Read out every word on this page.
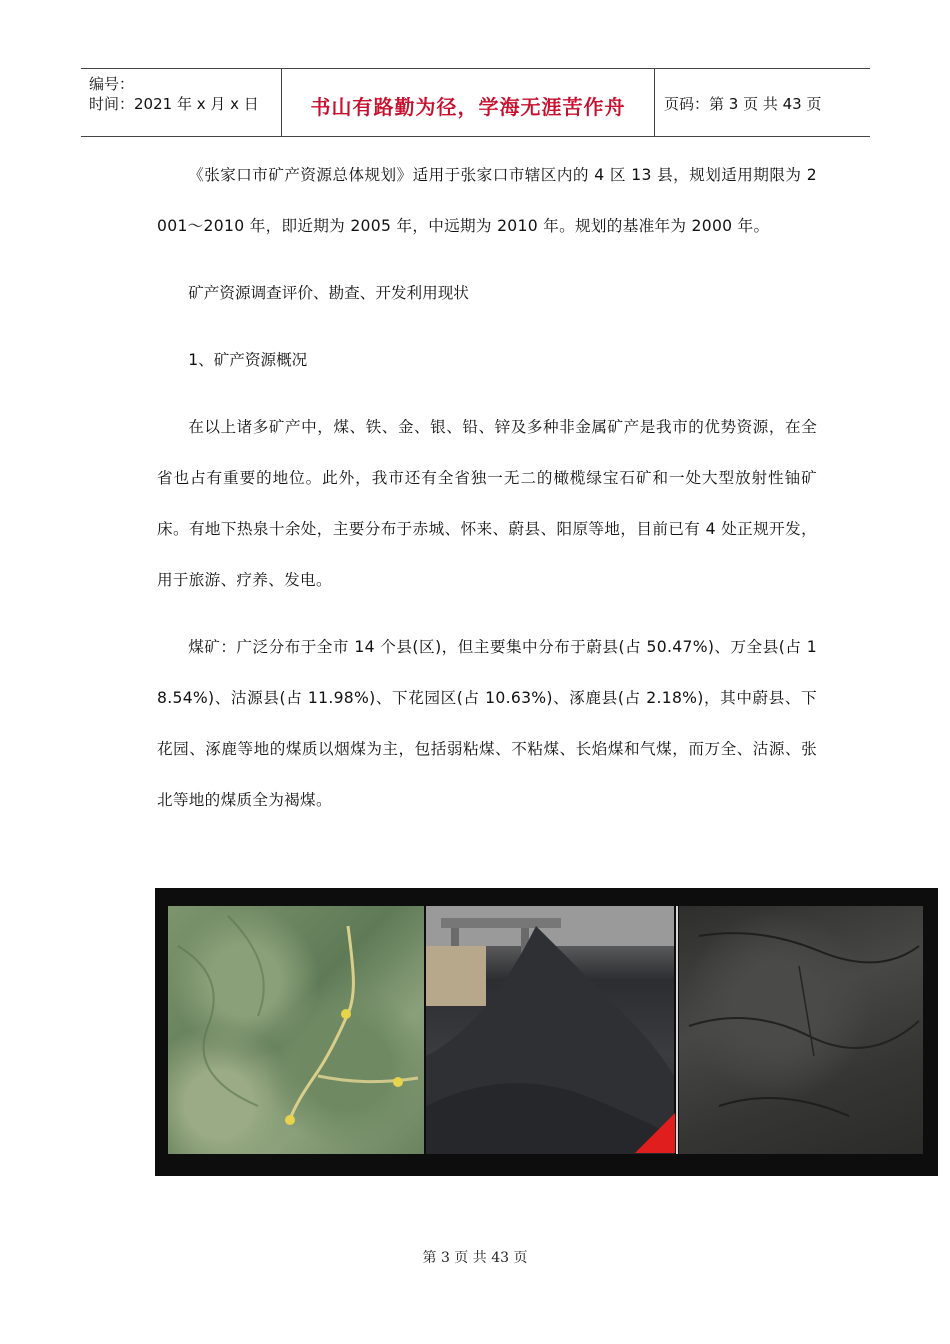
编号：
时间：2021 年 x 月 x 日	书山有路勤为径，学海无涯苦作舟	页码：第 3 页 共 43 页

《张家口市矿产资源总体规划》适用于张家口市辖区内的 4 区 13 县，规划适用期限为 2001～2010 年，即近期为 2005 年，中远期为 2010 年。规划的基准年为 2000 年。

矿产资源调查评价、勘查、开发利用现状

1、矿产资源概况

在以上诸多矿产中，煤、铁、金、银、铅、锌及多种非金属矿产是我市的优势资源，在全省也占有重要的地位。此外，我市还有全省独一无二的橄榄绿宝石矿和一处大型放射性铀矿床。有地下热泉十余处，主要分布于赤城、怀来、蔚县、阳原等地，目前已有 4 处正规开发，用于旅游、疗养、发电。

煤矿：广泛分布于全市 14 个县(区)，但主要集中分布于蔚县(占 50.47%)、万全县(占 18.54%)、沽源县(占 11.98%)、下花园区(占 10.63%)、涿鹿县(占 2.18%)，其中蔚县、下花园、涿鹿等地的煤质以烟煤为主，包括弱粘煤、不粘煤、长焰煤和气煤，而万全、沽源、张北等地的煤质全为褐煤。

第 3 页 共 43 页
